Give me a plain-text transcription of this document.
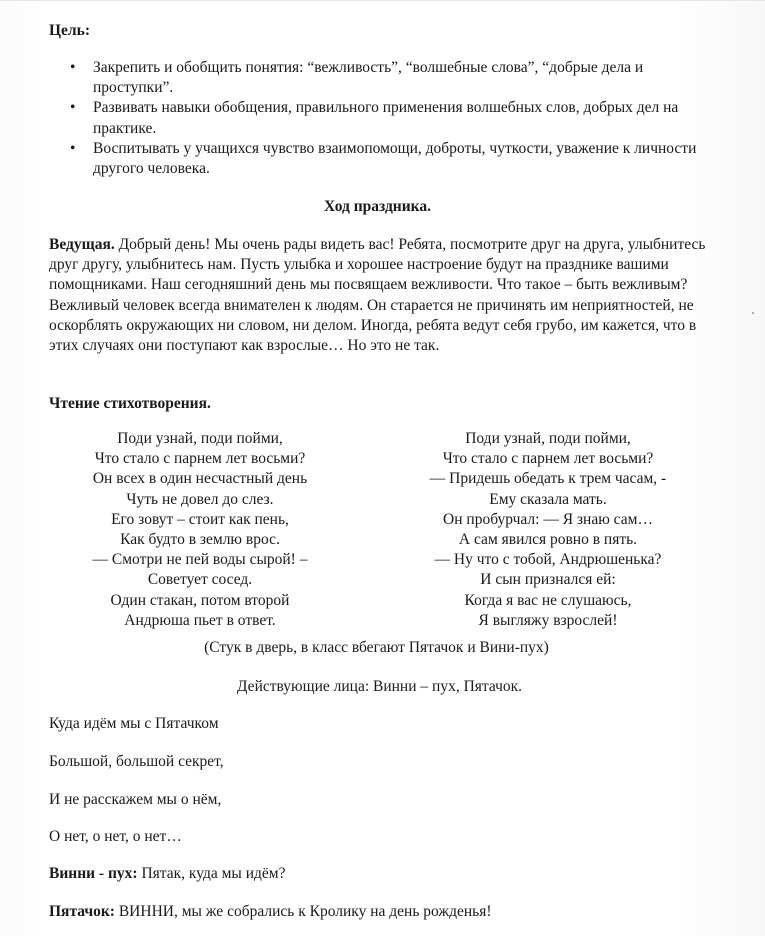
Цель:
• Закрепить и обобщить понятия: “вежливость”, “волшебные слова”, “добрые дела и проступки”.
• Развивать навыки обобщения, правильного применения волшебных слов, добрых дел на практике.
• Воспитывать у учащихся чувство взаимопомощи, доброты, чуткости, уважение к личности другого человека.
Ход праздника.

Ведущая. Добрый день! Мы очень рады видеть вас! Ребята, посмотрите друг на друга, улыбнитесь друг другу, улыбнитесь нам. Пусть улыбка и хорошее настроение будут на празднике вашими помощниками. Наш сегодняшний день мы посвящаем вежливости. Что такое – быть вежливым? Вежливый человек всегда внимателен к людям. Он старается не причинять им неприятностей, не оскорблять окружающих ни словом, ни делом. Иногда, ребята ведут себя грубо, им кажется, что в этих случаях они поступают как взрослые… Но это не так.

Чтение стихотворения.
Поди узнай, поди пойми,
Что стало с парнем лет восьми?
Он всех в один несчастный день
Чуть не довел до слез.
Его зовут – стоит как пень,
Как будто в землю врос.
— Смотри не пей воды сырой! –
Советует сосед.
Один стакан, потом второй
Андрюша пьет в ответ.
Поди узнай, поди пойми,
Что стало с парнем лет восьми?
— Придешь обедать к трем часам, -
Ему сказала мать.
Он пробурчал: — Я знаю сам…
А сам явился ровно в пять.
— Ну что с тобой, Андрюшенька?
И сын признался ей:
Когда я вас не слушаюсь,
Я выгляжу взрослей!
(Стук в дверь, в класс вбегают Пятачок и Вини-пух)
Действующие лица: Винни – пух, Пятачок.
Куда идём мы с Пятачком
Большой, большой секрет,
И не расскажем мы о нём,
О нет, о нет, о нет…
Винни - пух: Пятак, куда мы идём?
Пятачок: ВИННИ, мы же собрались к Кролику на день рожденья!
